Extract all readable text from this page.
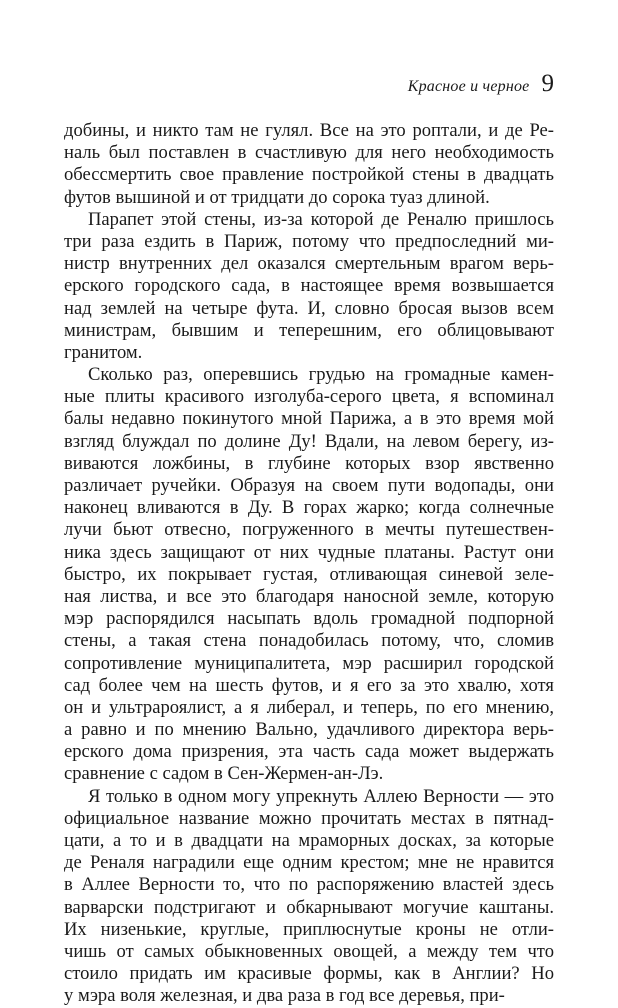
Красное и черное 9
добины, и никто там не гулял. Все на это роптали, и де Ре-
наль был поставлен в счастливую для него необходимость
обессмертить свое правление постройкой стены в двадцать
футов вышиной и от тридцати до сорока туаз длиной.
Парапет этой стены, из-за которой де Реналю пришлось
три раза ездить в Париж, потому что предпоследний ми-
нистр внутренних дел оказался смертельным врагом верь-
ерского городского сада, в настоящее время возвышается
над землей на четыре фута. И, словно бросая вызов всем
министрам, бывшим и теперешним, его облицовывают
гранитом.
Сколько раз, оперевшись грудью на громадные камен-
ные плиты красивого изголуба-серого цвета, я вспоминал
балы недавно покинутого мной Парижа, а в это время мой
взгляд блуждал по долине Ду! Вдали, на левом берегу, из-
виваются ложбины, в глубине которых взор явственно
различает ручейки. Образуя на своем пути водопады, они
наконец вливаются в Ду. В горах жарко; когда солнечные
лучи бьют отвесно, погруженного в мечты путешествен-
ника здесь защищают от них чудные платаны. Растут они
быстро, их покрывает густая, отливающая синевой зеле-
ная листва, и все это благодаря наносной земле, которую
мэр распорядился насыпать вдоль громадной подпорной
стены, а такая стена понадобилась потому, что, сломив
сопротивление муниципалитета, мэр расширил городской
сад более чем на шесть футов, и я его за это хвалю, хотя
он и ультрароялист, а я либерал, и теперь, по его мнению,
а равно и по мнению Вально, удачливого директора верь-
ерского дома призрения, эта часть сада может выдержать
сравнение с садом в Сен-Жермен-ан-Лэ.
Я только в одном могу упрекнуть Аллею Верности — это
официальное название можно прочитать местах в пятнад-
цати, а то и в двадцати на мраморных досках, за которые
де Реналя наградили еще одним крестом; мне не нравится
в Аллее Верности то, что по распоряжению властей здесь
варварски подстригают и обкарнывают могучие каштаны.
Их низенькие, круглые, приплюснутые кроны не отли-
чишь от самых обыкновенных овощей, а между тем что
стоило придать им красивые формы, как в Англии? Но
у мэра воля железная, и два раза в год все деревья, при-
